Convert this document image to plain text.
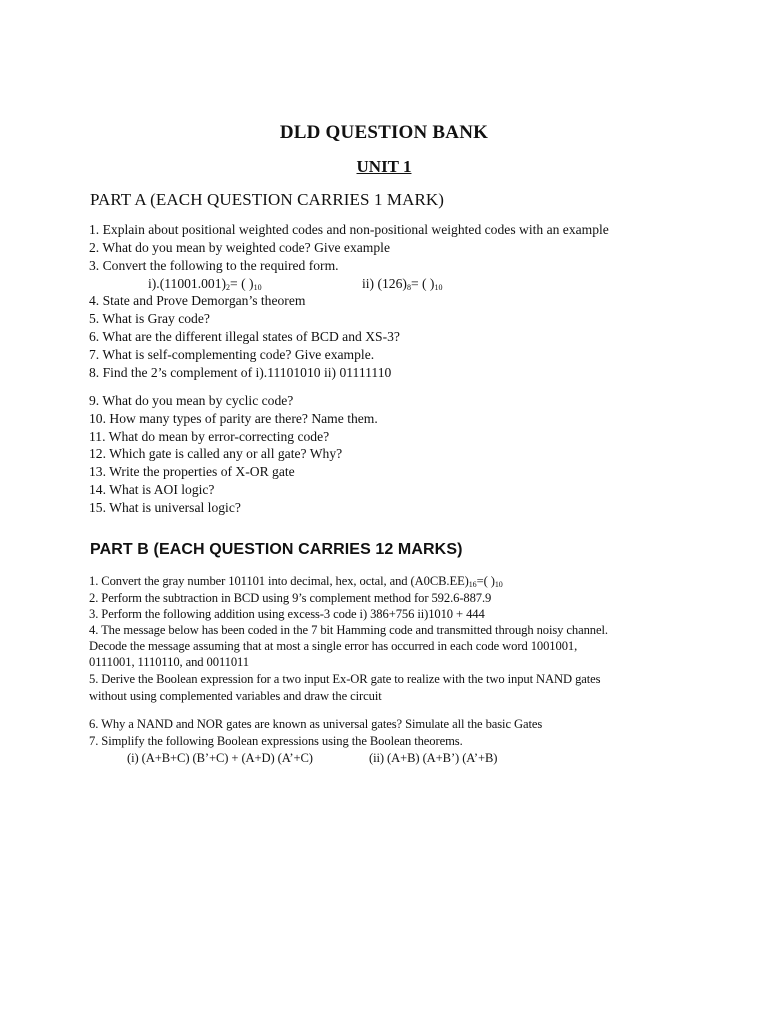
DLD QUESTION BANK
UNIT 1
PART A (EACH QUESTION CARRIES 1 MARK)
1. Explain about positional weighted codes and non-positional weighted codes with an example
2. What do you mean by weighted code? Give example
3. Convert the following to the required form.
$i).(11001.001)_2=$ ( )$_{10}$	ii) $(126)_8=$ ( )$_{10}$
4. State and Prove Demorgan’s theorem
5. What is Gray code?
6. What are the different illegal states of BCD and XS-3?
7. What is self-complementing code? Give example.
8. Find the 2’s complement of i).11101010 ii) 01111110
9. What do you mean by cyclic code?
10. How many types of parity are there? Name them.
11. What do mean by error-correcting code?
12. Which gate is called any or all gate? Why?
13. Write the properties of X-OR gate
14. What is AOI logic?
15. What is universal logic?
PART B (EACH QUESTION CARRIES 12 MARKS)
1. Convert the gray number 101101 into decimal, hex, octal, and $(A0CB.EE)_{16}=$( )$_{10}$
2. Perform the subtraction in BCD using 9’s complement method for 592.6-887.9
3. Perform the following addition using excess-3 code i) 386+756 ii)1010 + 444
4. The message below has been coded in the 7 bit Hamming code and transmitted through noisy channel.
Decode the message assuming that at most a single error has occurred in each code word 1001001,
0111001, 1110110, and 0011011
5. Derive the Boolean expression for a two input Ex-OR gate to realize with the two input NAND gates
without using complemented variables and draw the circuit
6. Why a NAND and NOR gates are known as universal gates? Simulate all the basic Gates
7. Simplify the following Boolean expressions using the Boolean theorems.
(i) (A+B+C) (B’+C) + (A+D) (A’+C)	(ii) (A+B) (A+B’) (A’+B)
